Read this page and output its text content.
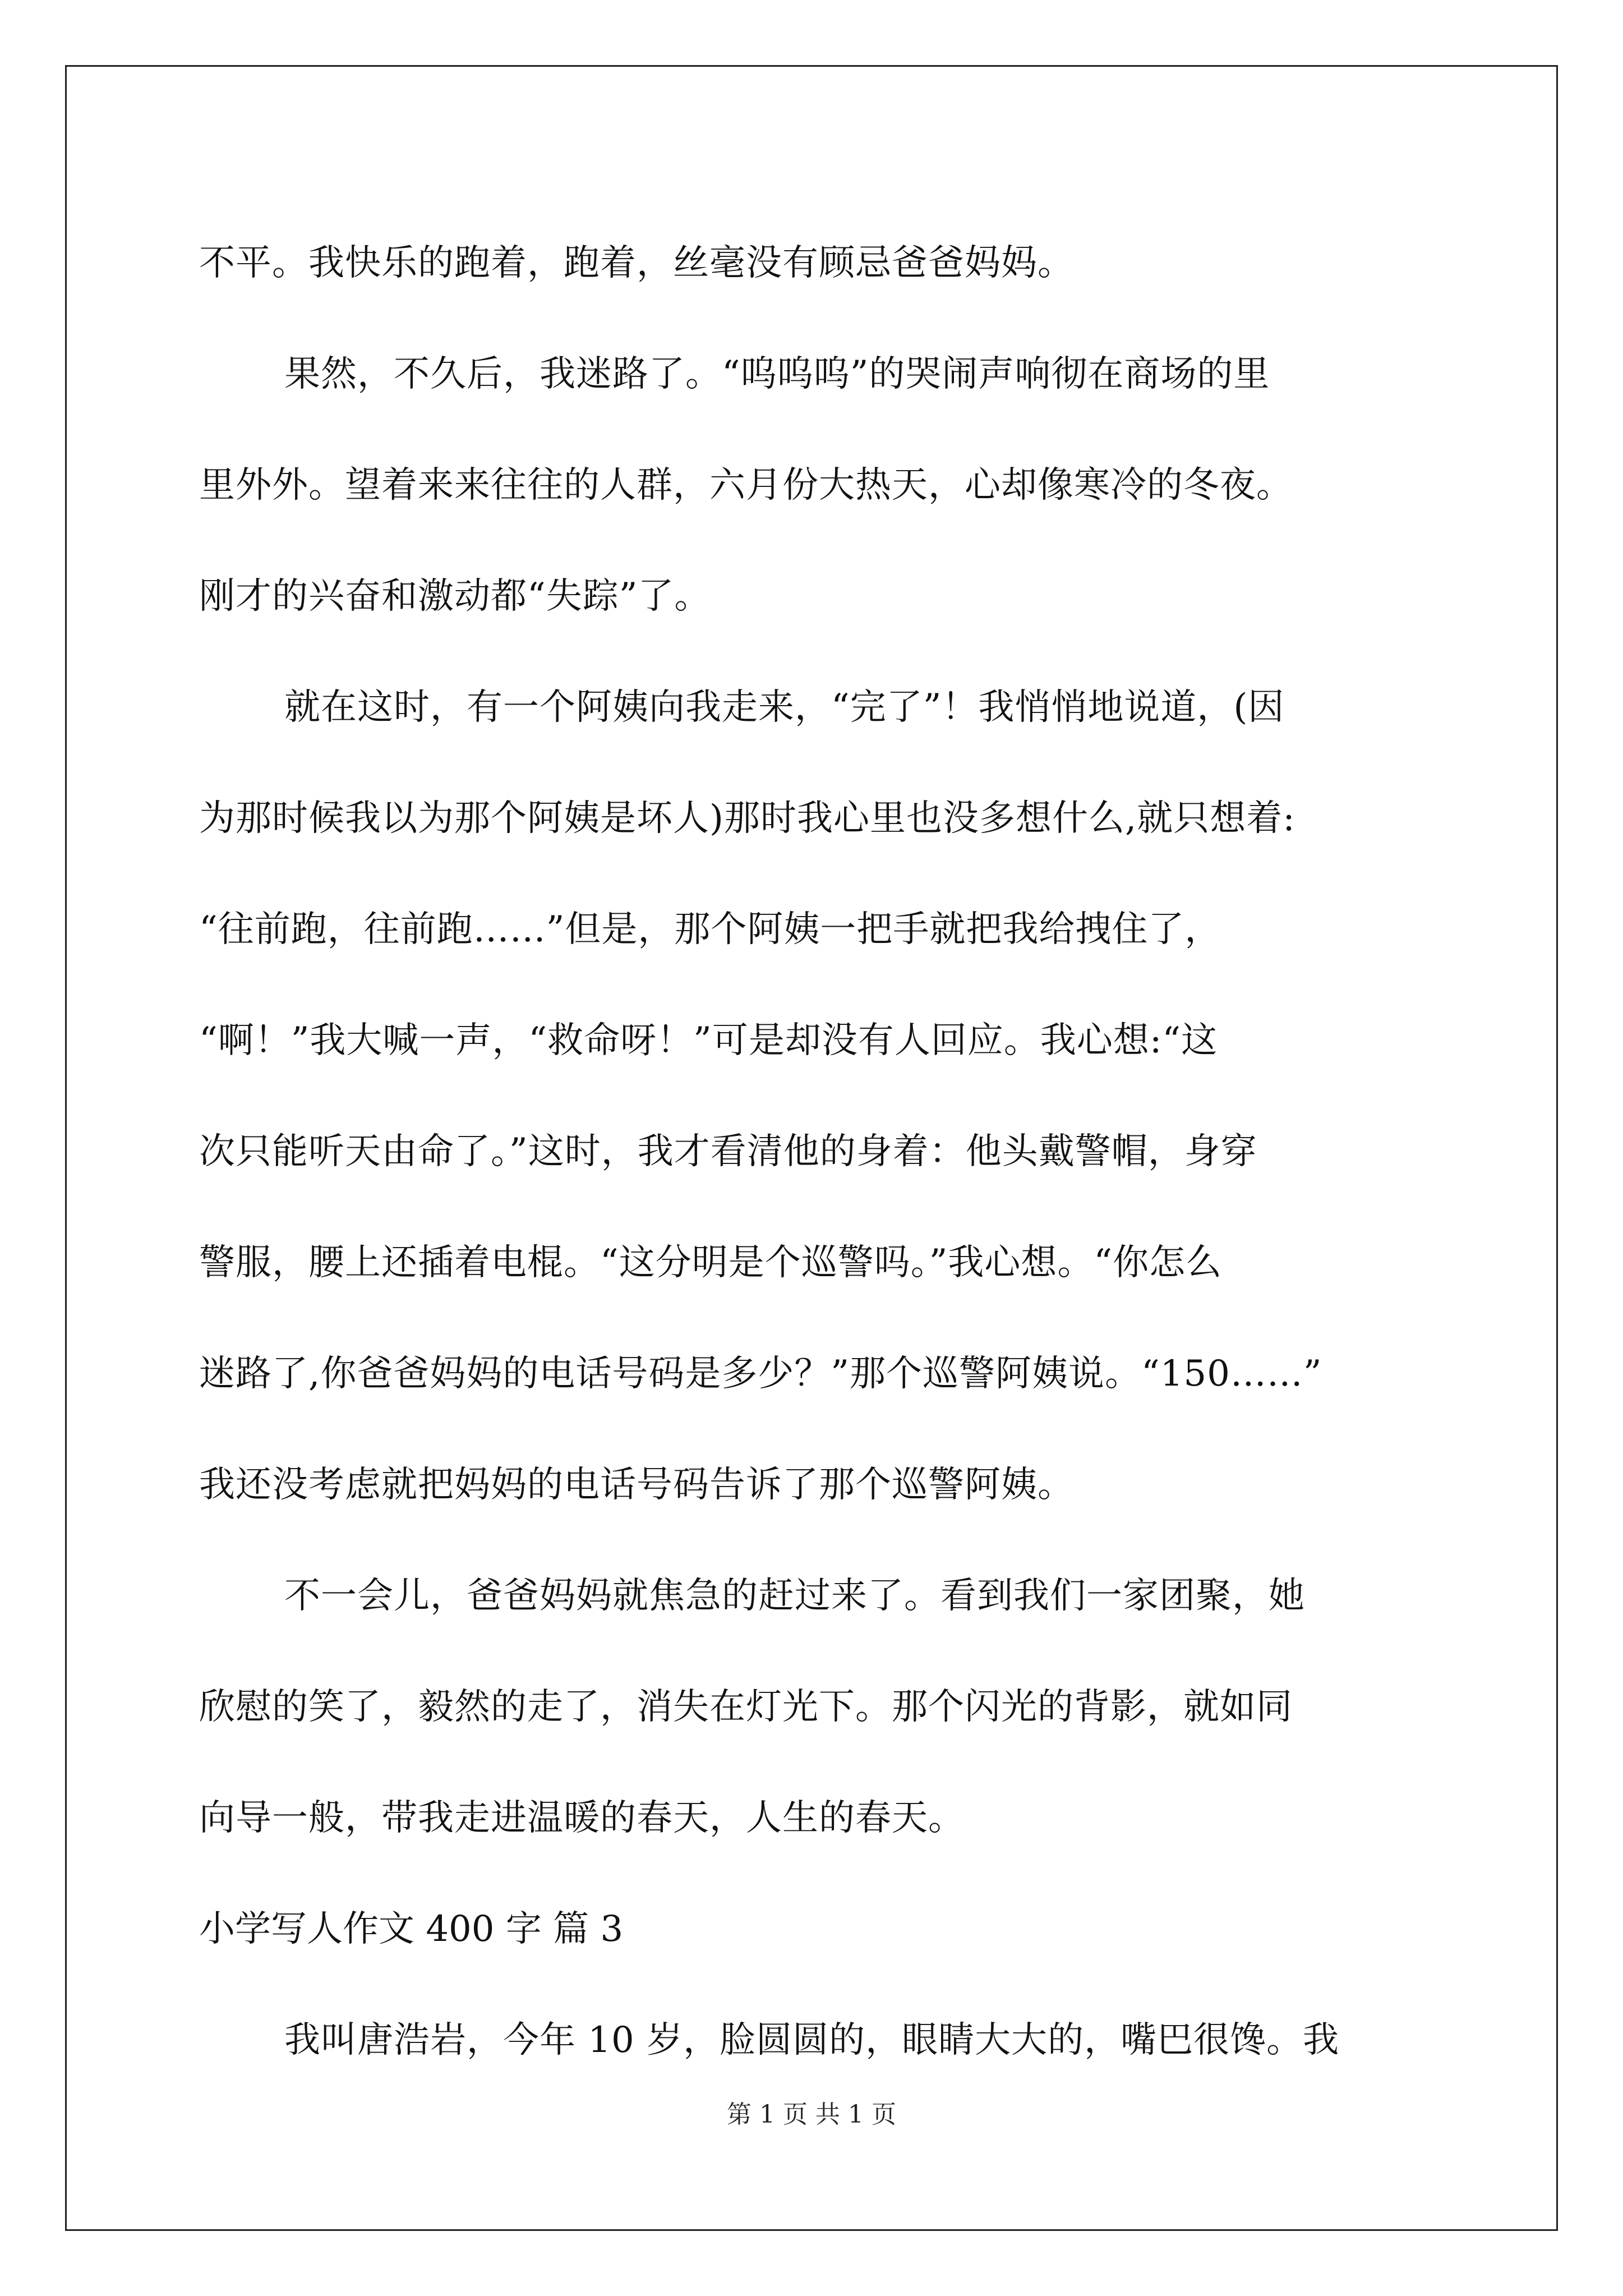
不平。我快乐的跑着，跑着，丝毫没有顾忌爸爸妈妈。
果然，不久后，我迷路了。“呜呜呜”的哭闹声响彻在商场的里
里外外。望着来来往往的人群，六月份大热天，心却像寒冷的冬夜。
刚才的兴奋和激动都“失踪”了。
就在这时，有一个阿姨向我走来，“完了”！我悄悄地说道，(因
为那时候我以为那个阿姨是坏人)那时我心里也没多想什么,就只想着:
“往前跑，往前跑……”但是，那个阿姨一把手就把我给拽住了，
“啊！”我大喊一声，“救命呀！”可是却没有人回应。我心想:“这
次只能听天由命了。”这时，我才看清他的身着：他头戴警帽，身穿
警服，腰上还插着电棍。“这分明是个巡警吗。”我心想。“你怎么
迷路了,你爸爸妈妈的电话号码是多少？”那个巡警阿姨说。“150……”
我还没考虑就把妈妈的电话号码告诉了那个巡警阿姨。
不一会儿，爸爸妈妈就焦急的赶过来了。看到我们一家团聚，她
欣慰的笑了，毅然的走了，消失在灯光下。那个闪光的背影，就如同
向导一般，带我走进温暖的春天，人生的春天。
小学写人作文 400 字 篇 3
我叫唐浩岩，今年 10 岁，脸圆圆的，眼睛大大的，嘴巴很馋。我
第 1 页 共 1 页
